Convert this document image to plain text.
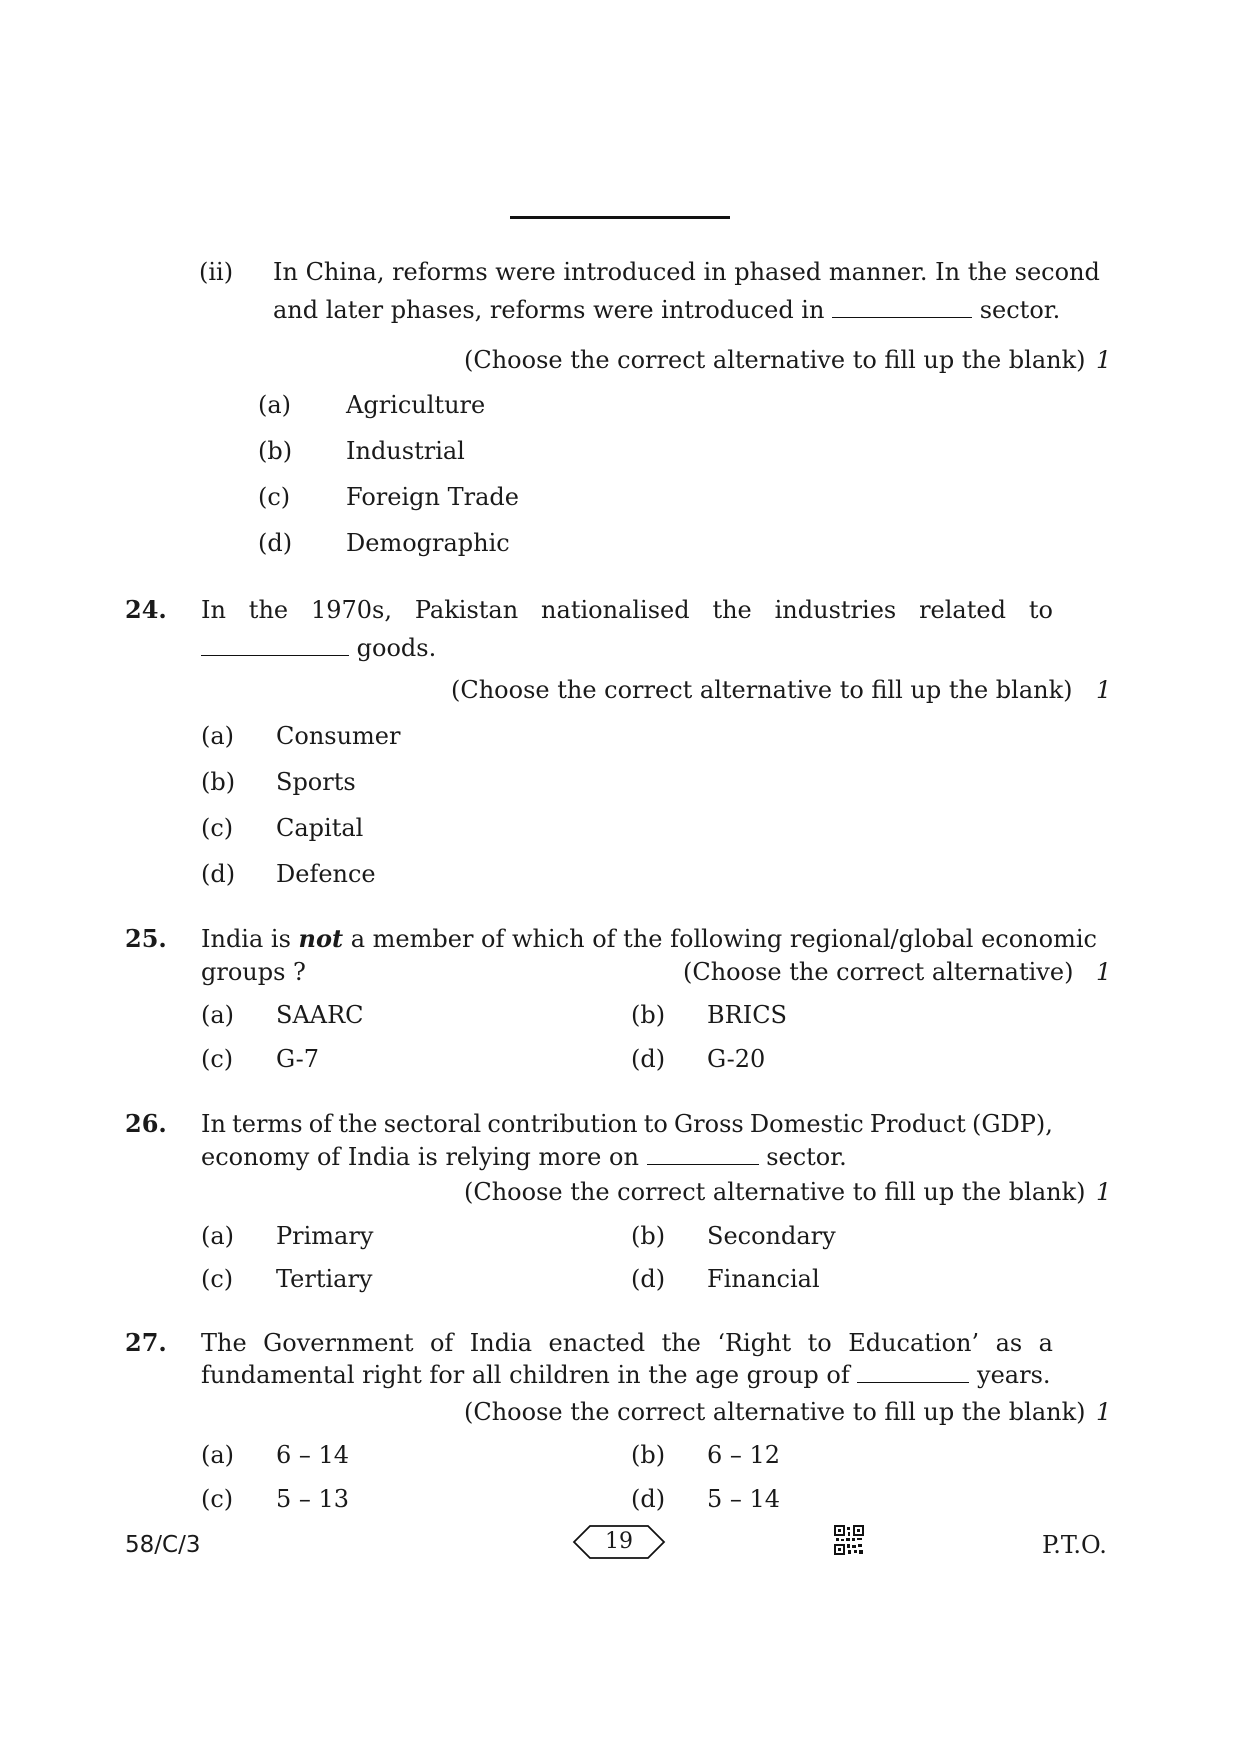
(ii) In China, reforms were introduced in phased manner. In the second
and later phases, reforms were introduced in	sector.
(Choose the correct alternative to fill up the blank) 1
(a) Agriculture
(b) Industrial
(c) Foreign Trade
(d) Demographic
24. In the 1970s, Pakistan nationalised the industries related to
goods.
(Choose the correct alternative to fill up the blank) 1
(a) Consumer
(b) Sports
(c) Capital
(d) Defence
25. India is not a member of which of the following regional/global economic
groups ?	(Choose the correct alternative) 1
(a) SAARC	(b) BRICS
(c) G-7	(d) G-20
26. In terms of the sectoral contribution to Gross Domestic Product (GDP),
economy of India is relying more on	sector.
(Choose the correct alternative to fill up the blank) 1
(a) Primary	(b) Secondary
(c) Tertiary	(d) Financial
27. The Government of India enacted the ‘Right to Education’ as a
fundamental right for all children in the age group of	years.
(Choose the correct alternative to fill up the blank) 1
(a) 6 – 14	(b) 6 – 12
(c) 5 – 13	(d) 5 – 14
58/C/3	19	P.T.O.
